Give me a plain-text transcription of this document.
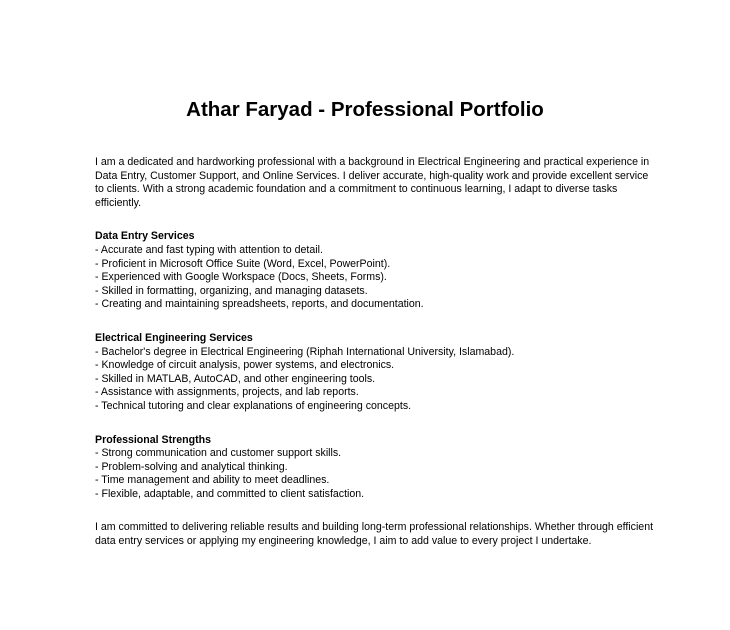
Athar Faryad - Professional Portfolio

I am a dedicated and hardworking professional with a background in Electrical Engineering and practical experience in Data Entry, Customer Support, and Online Services. I deliver accurate, high-quality work and provide excellent service to clients. With a strong academic foundation and a commitment to continuous learning, I adapt to diverse tasks efficiently.

Data Entry Services
- Accurate and fast typing with attention to detail.
- Proficient in Microsoft Office Suite (Word, Excel, PowerPoint).
- Experienced with Google Workspace (Docs, Sheets, Forms).
- Skilled in formatting, organizing, and managing datasets.
- Creating and maintaining spreadsheets, reports, and documentation.
Electrical Engineering Services
- Bachelor's degree in Electrical Engineering (Riphah International University, Islamabad).
- Knowledge of circuit analysis, power systems, and electronics.
- Skilled in MATLAB, AutoCAD, and other engineering tools.
- Assistance with assignments, projects, and lab reports.
- Technical tutoring and clear explanations of engineering concepts.
Professional Strengths
- Strong communication and customer support skills.
- Problem-solving and analytical thinking.
- Time management and ability to meet deadlines.
- Flexible, adaptable, and committed to client satisfaction.

I am committed to delivering reliable results and building long-term professional relationships. Whether through efficient data entry services or applying my engineering knowledge, I aim to add value to every project I undertake.
